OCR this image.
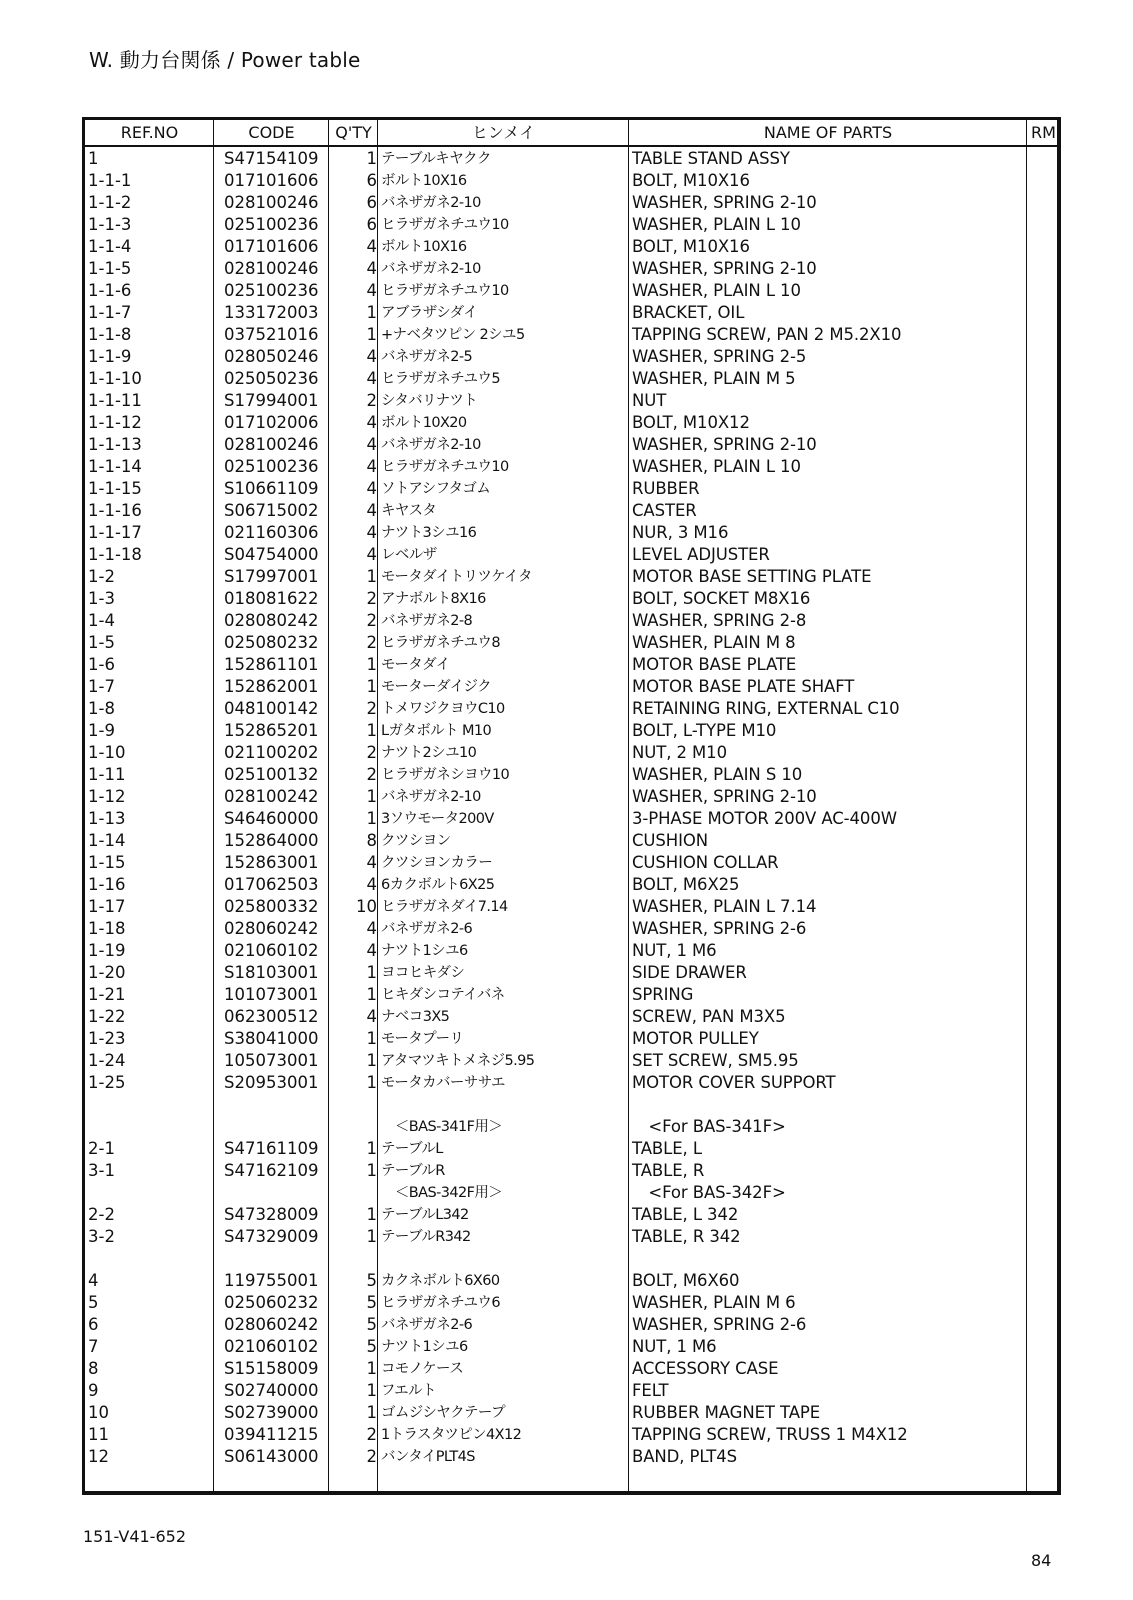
W. 動力台関係 / Power table
REF.NO	CODE	Q'TY	ヒンメイ	NAME OF PARTS	RM
1	S47154109	1 テーブルキヤクク	TABLE STAND ASSY
1-1-1	017101606	6 ボルト10X16	BOLT, M10X16
1-1-2	028100246	6 バネザガネ2-10	WASHER, SPRING 2-10
1-1-3	025100236	6 ヒラザガネチユウ10	WASHER, PLAIN L 10
1-1-4	017101606	4 ボルト10X16	BOLT, M10X16
1-1-5	028100246	4 バネザガネ2-10	WASHER, SPRING 2-10
1-1-6	025100236	4 ヒラザガネチユウ10	WASHER, PLAIN L 10
1-1-7	133172003	1 アブラザシダイ	BRACKET, OIL
1-1-8	037521016	1 +ナベタツピン 2シユ5	TAPPING SCREW, PAN 2 M5.2X10
1-1-9	028050246	4 バネザガネ2-5	WASHER, SPRING 2-5
1-1-10	025050236	4 ヒラザガネチユウ5	WASHER, PLAIN M 5
1-1-11	S17994001	2 シタバリナツト	NUT
1-1-12	017102006	4 ボルト10X20	BOLT, M10X12
1-1-13	028100246	4 バネザガネ2-10	WASHER, SPRING 2-10
1-1-14	025100236	4 ヒラザガネチユウ10	WASHER, PLAIN L 10
1-1-15	S10661109	4 ソトアシフタゴム	RUBBER
1-1-16	S06715002	4 キヤスタ	CASTER
1-1-17	021160306	4 ナツト3シユ16	NUR, 3 M16
1-1-18	S04754000	4 レベルザ	LEVEL ADJUSTER
1-2	S17997001	1 モータダイトリツケイタ	MOTOR BASE SETTING PLATE
1-3	018081622	2 アナボルト8X16	BOLT, SOCKET M8X16
1-4	028080242	2 バネザガネ2-8	WASHER, SPRING 2-8
1-5	025080232	2 ヒラザガネチユウ8	WASHER, PLAIN M 8
1-6	152861101	1 モータダイ	MOTOR BASE PLATE
1-7	152862001	1 モーターダイジク	MOTOR BASE PLATE SHAFT
1-8	048100142	2 トメワジクヨウC10	RETAINING RING, EXTERNAL C10
1-9	152865201	1 Lガタボルト M10	BOLT, L-TYPE M10
1-10	021100202	2 ナツト2シユ10	NUT, 2 M10
1-11	025100132	2 ヒラザガネシヨウ10	WASHER, PLAIN S 10
1-12	028100242	1 バネザガネ2-10	WASHER, SPRING 2-10
1-13	S46460000	1 3ソウモータ200V	3-PHASE MOTOR 200V AC-400W
1-14	152864000	8 クツシヨン	CUSHION
1-15	152863001	4 クツシヨンカラー	CUSHION COLLAR
1-16	017062503	4 6カクボルト6X25	BOLT, M6X25
1-17	025800332	10 ヒラザガネダイ7.14	WASHER, PLAIN L 7.14
1-18	028060242	4 バネザガネ2-6	WASHER, SPRING 2-6
1-19	021060102	4 ナツト1シユ6	NUT, 1 M6
1-20	S18103001	1 ヨコヒキダシ	SIDE DRAWER
1-21	101073001	1 ヒキダシコテイバネ	SPRING
1-22	062300512	4 ナベコ3X5	SCREW, PAN M3X5
1-23	S38041000	1 モータプーリ	MOTOR PULLEY
1-24	105073001	1 アタマツキトメネジ5.95	SET SCREW, SM5.95
1-25	S20953001	1 モータカバーササエ	MOTOR COVER SUPPORT
　＜BAS-341F用＞	　<For BAS-341F>
2-1	S47161109	1 テーブルL	TABLE, L
3-1	S47162109	1 テーブルR	TABLE, R
　＜BAS-342F用＞	　<For BAS-342F>
2-2	S47328009	1 テーブルL342	TABLE, L 342
3-2	S47329009	1 テーブルR342	TABLE, R 342
4	119755001	5 カクネボルト6X60	BOLT, M6X60
5	025060232	5 ヒラザガネチユウ6	WASHER, PLAIN M 6
6	028060242	5 バネザガネ2-6	WASHER, SPRING 2-6
7	021060102	5 ナツト1シユ6	NUT, 1 M6
8	S15158009	1 コモノケース	ACCESSORY CASE
9	S02740000	1 フエルト	FELT
10	S02739000	1 ゴムジシヤクテープ	RUBBER MAGNET TAPE
11	039411215	2 1トラスタツピン4X12	TAPPING SCREW, TRUSS 1 M4X12
12	S06143000	2 バンタイPLT4S	BAND, PLT4S
151-V41-652
84
